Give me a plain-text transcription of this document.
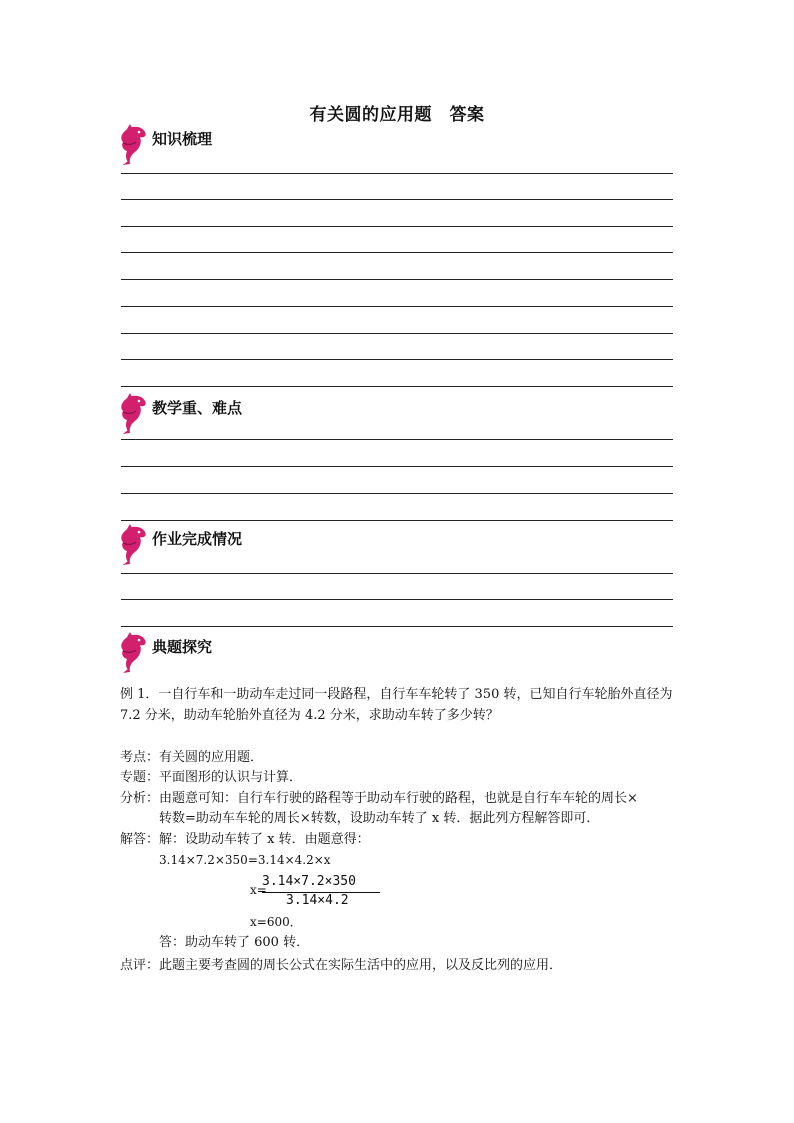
有关圆的应用题　答案
知识梳理
教学重、难点
作业完成情况
典题探究
例 1．一自行车和一助动车走过同一段路程，自行车车轮转了 350 转，已知自行车轮胎外直径为 7.2 分米，助动车轮胎外直径为 4.2 分米，求助动车转了多少转？
考点：有关圆的应用题．
专题：平面图形的认识与计算．
分析：由题意可知：自行车行驶的路程等于助动车行驶的路程，也就是自行车车轮的周长×
转数=助动车车轮的周长×转数，设助动车转了 x 转．据此列方程解答即可．
解答：解：设助动车转了 x 转．由题意得：
3.14×7.2×350=3.14×4.2×x
x=
3.14×7.2×350
3.14×4.2
x=600．
答：助动车转了 600 转．
点评：此题主要考查圆的周长公式在实际生活中的应用，以及反比列的应用．
